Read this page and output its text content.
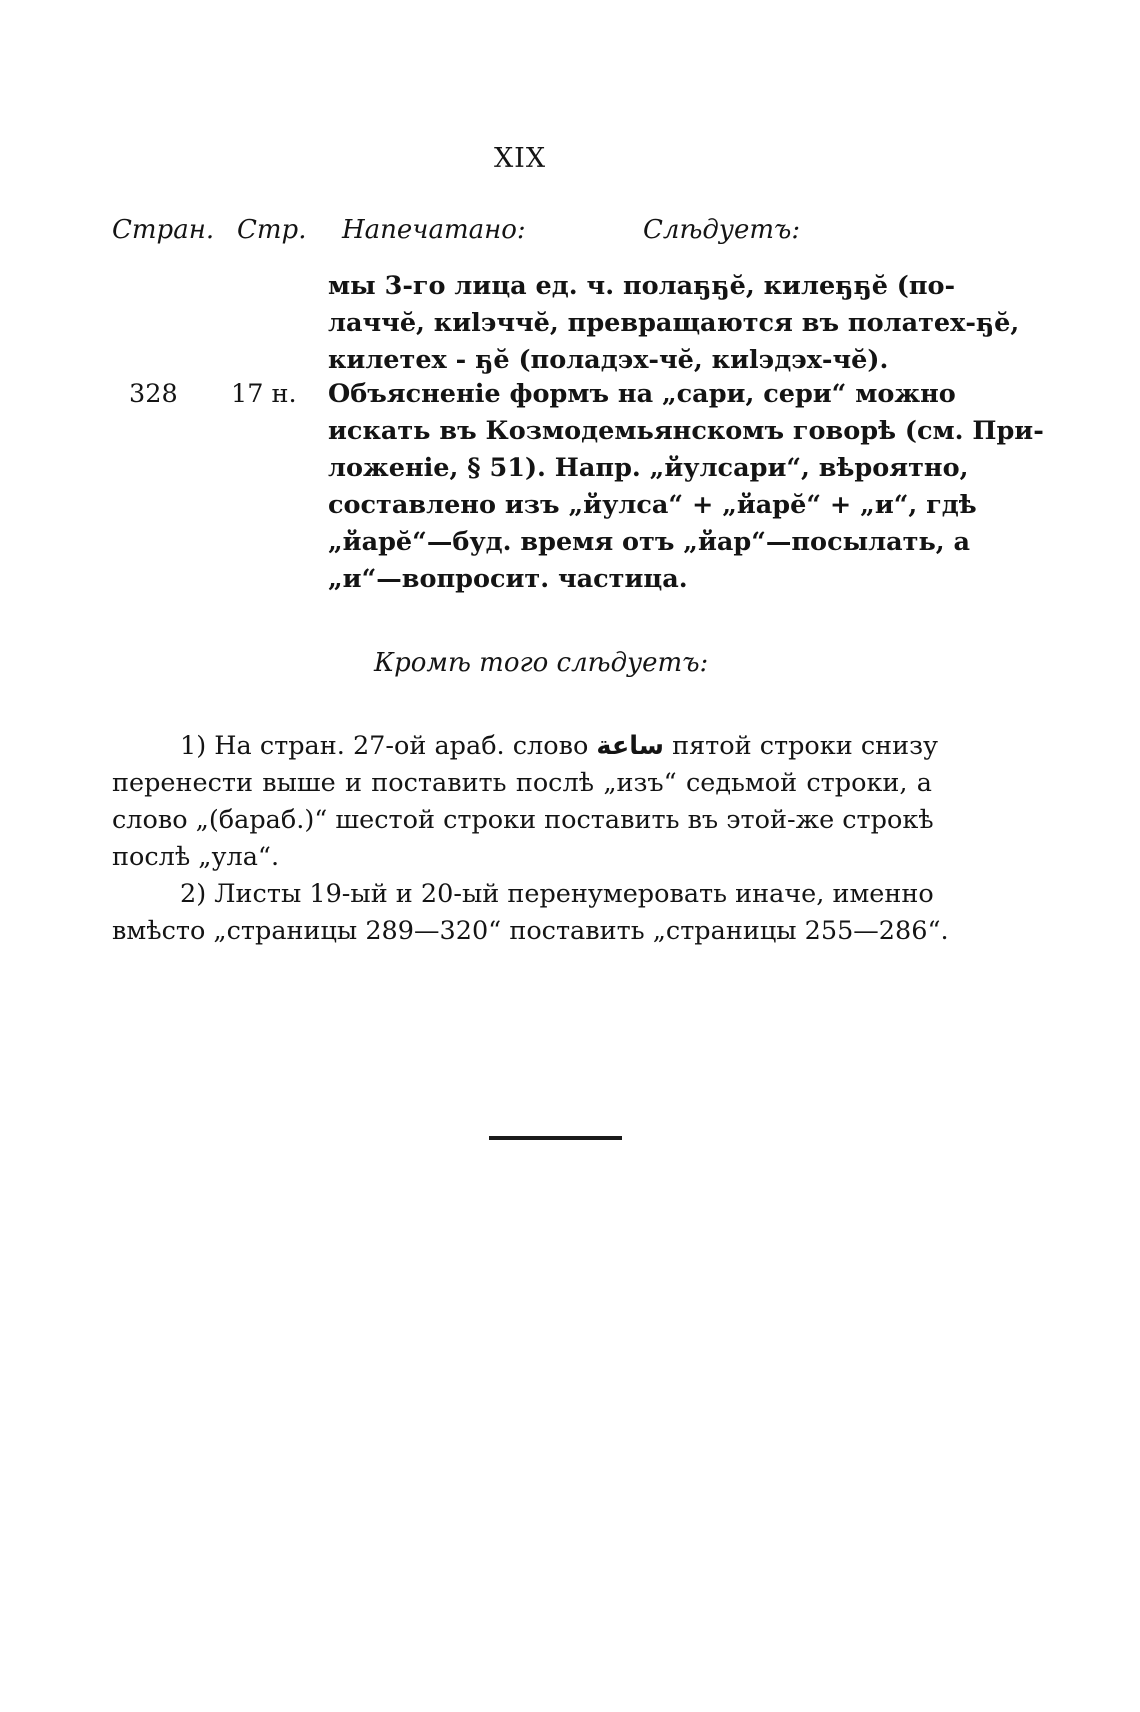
XIX
Стран. Стр. Напечатано:	Слѣдуетъ:
мы 3-го лица ед. ч. полаҕҕӗ, килеҕҕӗ (по-
лаччӗ, киlэччӗ, превращаются въ полатех-ҕӗ,
килетех - ҕӗ (поладэх-чӗ, киlэдэх-чӗ).
328 17 н. Объясненіе формъ на „сари, сери“ можно
искать въ Козмодемьянскомъ говорѣ (см. При-
ложеніе, § 51). Напр. „йулсари“, вѣроятно,
составлено изъ „йулса“ + „йарӗ“ + „и“, гдѣ
„йарӗ“—буд. время отъ „йар“—посылать, а
„и“—вопросит. частица.
Кромѣ того слѣдуетъ:
1) На стран. 27-ой араб. слово ساعة пятой строки снизу
перенести выше и поставить послѣ „изъ“ седьмой строки, а
слово „(бараб.)“ шестой строки поставить въ этой-же строкѣ
послѣ „ула“.
2) Листы 19-ый и 20-ый перенумеровать иначе, именно
вмѣсто „страницы 289—320“ поставить „страницы 255—286“.
